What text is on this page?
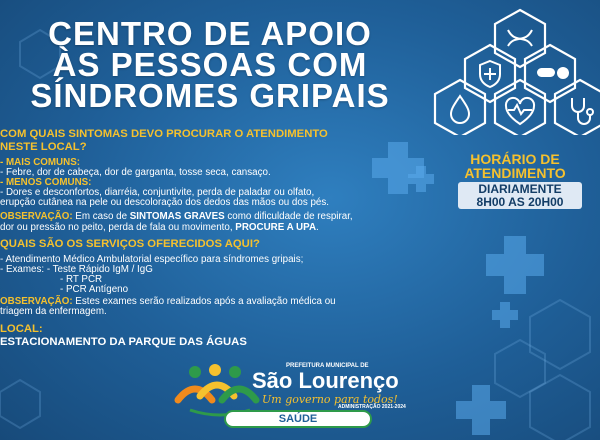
CENTRO DE APOIO
ÀS PESSOAS COM
SÍNDROMES GRIPAIS
COM QUAIS SINTOMAS DEVO PROCURAR O ATENDIMENTO
NESTE LOCAL?
- MAIS COMUNS:
- Febre, dor de cabeça, dor de garganta, tosse seca, cansaço.
- MENOS COMUNS:
- Dores e desconfortos, diarréia, conjuntivite, perda de paladar ou olfato,
erupção cutânea na pele ou descoloração dos dedos das mãos ou dos pés.
OBSERVAÇÃO: Em caso de SINTOMAS GRAVES como dificuldade de respirar,
dor ou pressão no peito, perda de fala ou movimento, PROCURE A UPA.
QUAIS SÃO OS SERVIÇOS OFERECIDOS AQUI?
- Atendimento Médico Ambulatorial específico para síndromes gripais;
- Exames: - Teste Rápido IgM / IgG
- RT PCR
- PCR Antígeno
OBSERVAÇÃO: Estes exames serão realizados após a avaliação médica ou
triagem da enfermagem.
LOCAL:
ESTACIONAMENTO DA PARQUE DAS ÁGUAS
HORÁRIO DE
ATENDIMENTO
DIARIAMENTE
8H00 AS 20H00
PREFEITURA MUNICIPAL DE
São Lourenço
Um governo para todos!
ADMINISTRAÇÃO 2021-2024
SAÚDE
